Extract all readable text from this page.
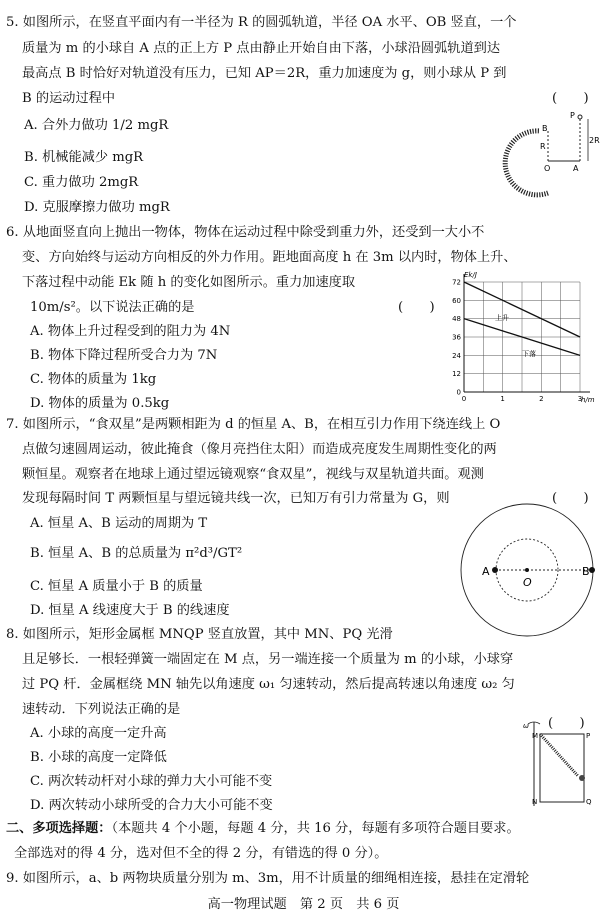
5. 如图所示，在竖直平面内有一半径为 R 的圆弧轨道，半径 OA 水平、OB 竖直，一个
质量为 m 的小球自 A 点的正上方 P 点由静止开始自由下落，小球沿圆弧轨道到达
最高点 B 时恰好对轨道没有压力，已知 AP＝2R，重力加速度为 g，则小球从 P 到
B 的运动过程中	(　　)
A. 合外力做功 1/2 mgR
B. 机械能减少 mgR
C. 重力做功 2mgR
D. 克服摩擦力做功 mgR
P
2R
B
R
O	A
6. 从地面竖直向上抛出一物体，物体在运动过程中除受到重力外，还受到一大小不
变、方向始终与运动方向相反的外力作用。距地面高度 h 在 3m 以内时，物体上升、
下落过程中动能 Ek 随 h 的变化如图所示。重力加速度取
10m/s²。以下说法正确的是	(　　)
A. 物体上升过程受到的阻力为 4N
B. 物体下降过程所受合力为 7N
C. 物体的质量为 1kg
D. 物体的质量为 0.5kg
0
12
24
36
48
60
72
0	1	2	3
Ek/J
h/m
上升
下落
7. 如图所示，“食双星”是两颗相距为 d 的恒星 A、B，在相互引力作用下绕连线上 O
点做匀速圆周运动，彼此掩食（像月亮挡住太阳）而造成亮度发生周期性变化的两
颗恒星。观察者在地球上通过望远镜观察“食双星”，视线与双星轨道共面。观测
发现每隔时间 T 两颗恒星与望远镜共线一次，已知万有引力常量为 G，则	(　　)
A. 恒星 A、B 运动的周期为 T
B. 恒星 A、B 的总质量为 π²d³/GT²
C. 恒星 A 质量小于 B 的质量
D. 恒星 A 线速度大于 B 的线速度
A
O
B
8. 如图所示，矩形金属框 MNQP 竖直放置，其中 MN、PQ 光滑
且足够长．一根轻弹簧一端固定在 M 点，另一端连接一个质量为 m 的小球，小球穿
过 PQ 杆．金属框绕 MN 轴先以角速度 ω₁ 匀速转动，然后提高转速以角速度 ω₂ 匀
速转动．下列说法正确的是
(　　)
A. 小球的高度一定升高
B. 小球的高度一定降低
C. 两次转动杆对小球的弹力大小可能不变
D. 两次转动小球所受的合力大小可能不变
ω
M	P
N	Q
二、多项选择题：（本题共 4 个小题，每题 4 分，共 16 分，每题有多项符合题目要求。
全部选对的得 4 分，选对但不全的得 2 分，有错选的得 0 分）。
9. 如图所示，a、b 两物块质量分别为 m、3m，用不计质量的细绳相连接，悬挂在定滑轮
高一物理试题　第 2 页　共 6 页
